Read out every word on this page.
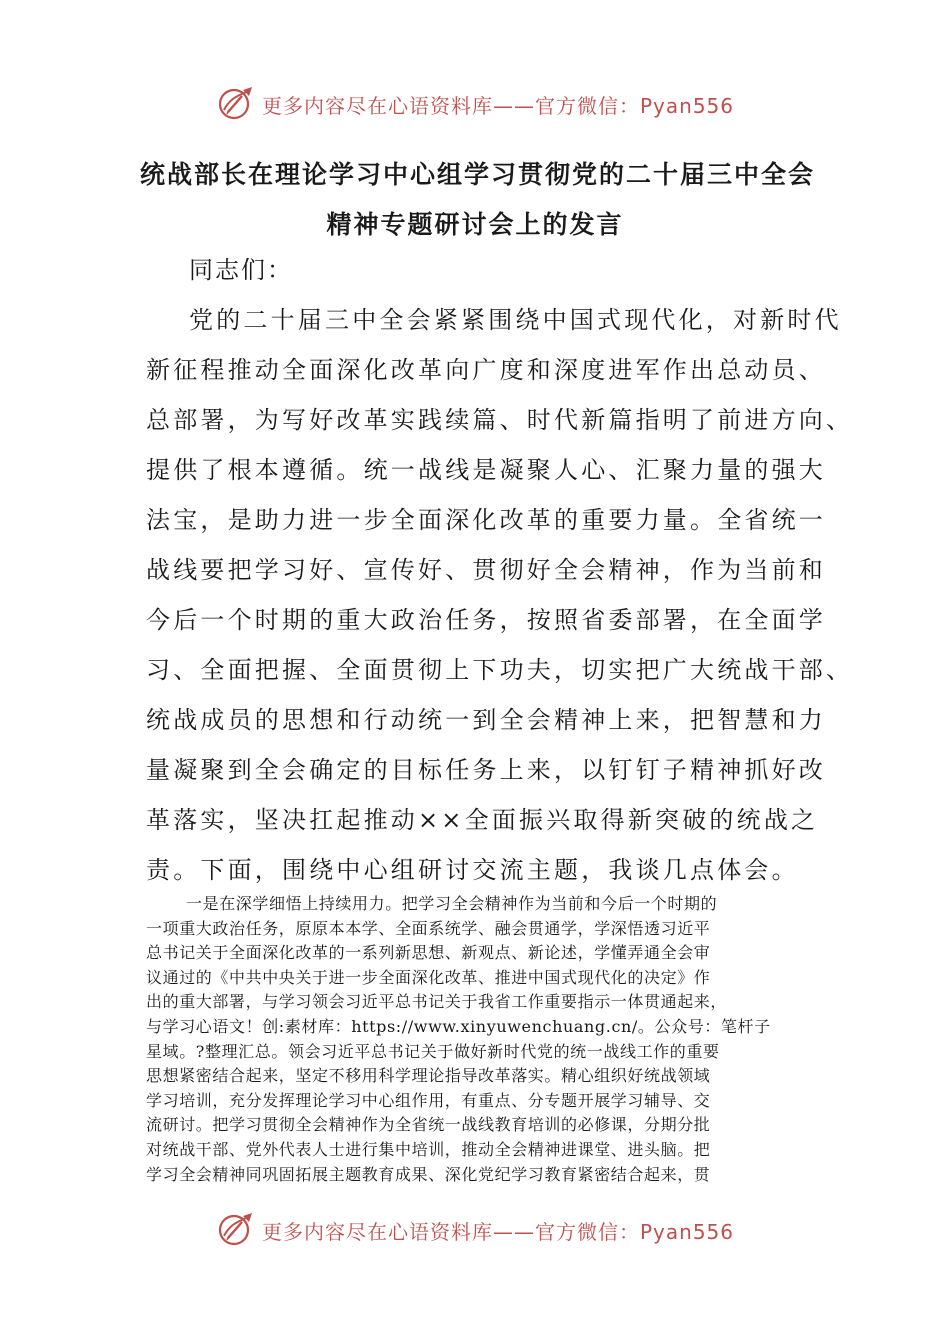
更多内容尽在心语资料库——官方微信：Pyan556
统战部长在理论学习中心组学习贯彻党的二十届三中全会
精神专题研讨会上的发言
同志们：
党的二十届三中全会紧紧围绕中国式现代化，对新时代
新征程推动全面深化改革向广度和深度进军作出总动员、
总部署，为写好改革实践续篇、时代新篇指明了前进方向、
提供了根本遵循。统一战线是凝聚人心、汇聚力量的强大
法宝，是助力进一步全面深化改革的重要力量。全省统一
战线要把学习好、宣传好、贯彻好全会精神，作为当前和
今后一个时期的重大政治任务，按照省委部署，在全面学
习、全面把握、全面贯彻上下功夫，切实把广大统战干部、
统战成员的思想和行动统一到全会精神上来，把智慧和力
量凝聚到全会确定的目标任务上来，以钉钉子精神抓好改
革落实，坚决扛起推动××全面振兴取得新突破的统战之
责。下面，围绕中心组研讨交流主题，我谈几点体会。
一是在深学细悟上持续用力。把学习全会精神作为当前和今后一个时期的
一项重大政治任务，原原本本学、全面系统学、融会贯通学，学深悟透习近平
总书记关于全面深化改革的一系列新思想、新观点、新论述，学懂弄通全会审
议通过的《中共中央关于进一步全面深化改革、推进中国式现代化的决定》作
出的重大部署，与学习领会习近平总书记关于我省工作重要指示一体贯通起来，
与学习心语文！创:素材库：https://www.xinyuwenchuang.cn/。公众号：笔杆子
星域。?整理汇总。领会习近平总书记关于做好新时代党的统一战线工作的重要
思想紧密结合起来，坚定不移用科学理论指导改革落实。精心组织好统战领域
学习培训，充分发挥理论学习中心组作用，有重点、分专题开展学习辅导、交
流研讨。把学习贯彻全会精神作为全省统一战线教育培训的必修课，分期分批
对统战干部、党外代表人士进行集中培训，推动全会精神进课堂、进头脑。把
学习全会精神同巩固拓展主题教育成果、深化党纪学习教育紧密结合起来，贯
更多内容尽在心语资料库——官方微信：Pyan556
